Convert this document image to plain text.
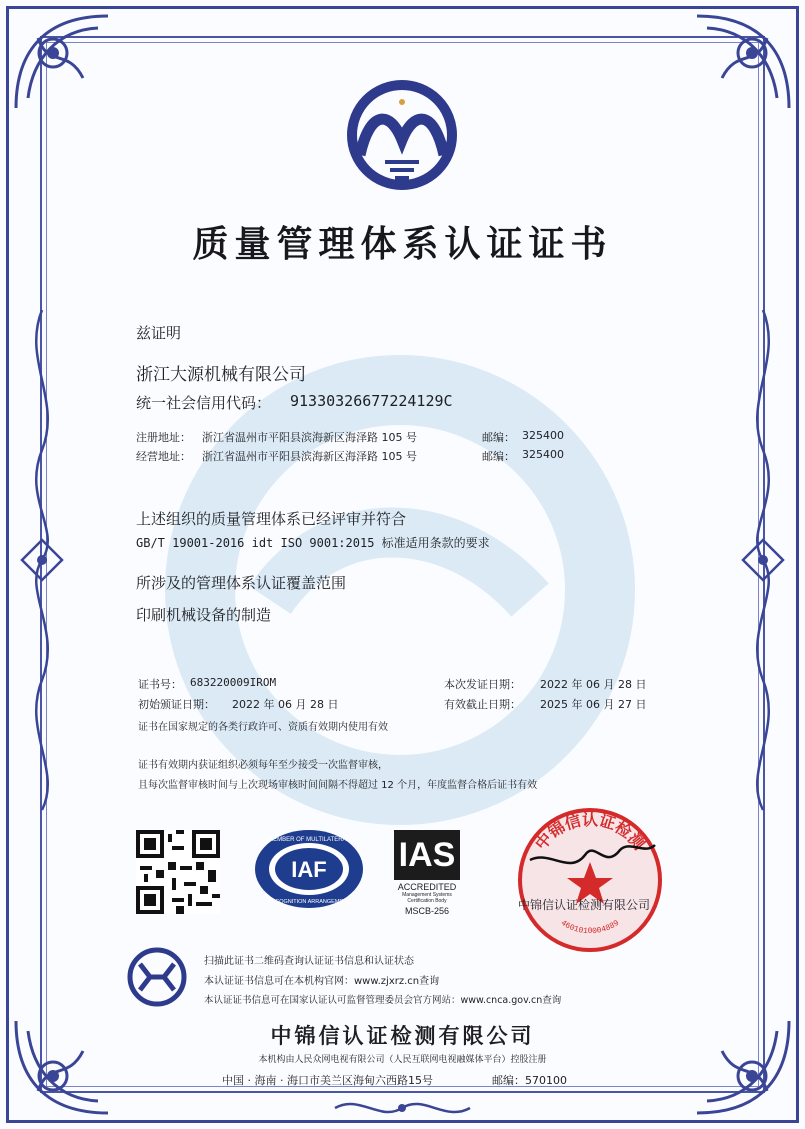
质量管理体系认证证书
兹证明
浙江大源机械有限公司
统一社会信用代码： 91330326677224129C
注册地址： 浙江省温州市平阳县滨海新区海泽路 105 号	邮编： 325400
经营地址： 浙江省温州市平阳县滨海新区海泽路 105 号	邮编： 325400
上述组织的质量管理体系已经评审并符合
GB/T 19001-2016 idt ISO 9001:2015 标准适用条款的要求
所涉及的管理体系认证覆盖范围
印刷机械设备的制造
证书号： 683220009IROM	本次发证日期： 2022 年 06 月 28 日
初始颁证日期： 2022 年 06 月 28 日	有效截止日期： 2025 年 06 月 27 日
证书在国家规定的各类行政许可、资质有效期内使用有效
证书有效期内获证组织必须每年至少接受一次监督审核，
且每次监督审核时间与上次现场审核时间间隔不得超过 12 个月，年度监督合格后证书有效
IAF
MEMBER OF MULTILATERAL
RECOGNITION ARRANGEMENT
IAS
ACCREDITED
Management Systems
Certification Body
MSCB-256
中锦信认证检测
4601010004889
中锦信认证检测有限公司
扫描此证书二维码查询认证证书信息和认证状态
本认证证书信息可在本机构官网：www.zjxrz.cn查询
本认证证书信息可在国家认证认可监督管理委员会官方网站：www.cnca.gov.cn查询
中锦信认证检测有限公司
本机构由人民众网电视有限公司（人民互联网电视融媒体平台）控股注册
中国 · 海南 · 海口市美兰区海甸六西路15号	邮编：570100
